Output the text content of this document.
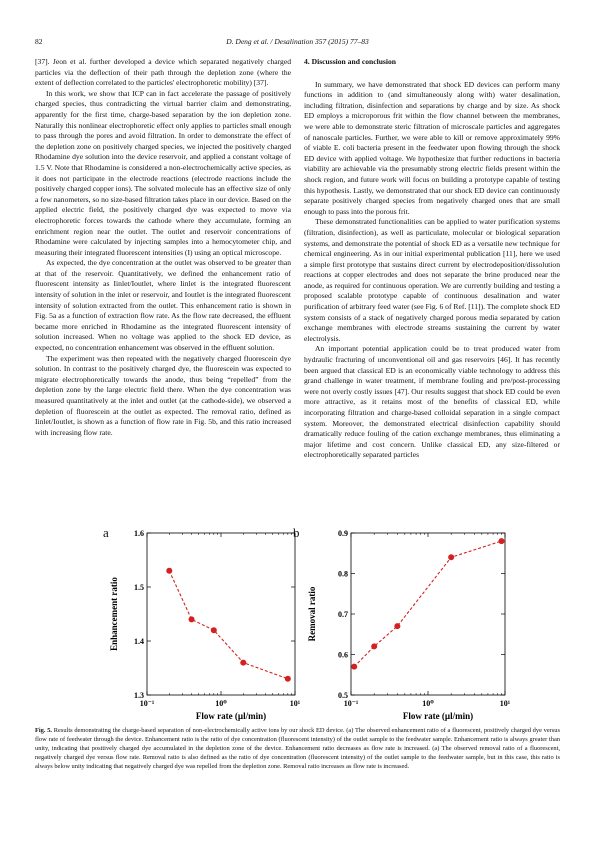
82	D. Deng et al. / Desalination 357 (2015) 77–83

[37]. Jeon et al. further developed a device which separated negatively charged particles via the deflection of their path through the depletion zone (where the extent of deflection correlated to the particles' electrophoretic mobility) [37].

In this work, we show that ICP can in fact accelerate the passage of positively charged species, thus contradicting the virtual barrier claim and demonstrating, apparently for the first time, charge-based separation by the ion depletion zone. Naturally this nonlinear electrophoretic effect only applies to particles small enough to pass through the pores and avoid filtration. In order to demonstrate the effect of the depletion zone on positively charged species, we injected the positively charged Rhodamine dye solution into the device reservoir, and applied a constant voltage of 1.5 V. Note that Rhodamine is considered a non-electrochemically active species, as it does not participate in the electrode reactions (electrode reactions include the positively charged copper ions). The solvated molecule has an effective size of only a few nanometers, so no size-based filtration takes place in our device. Based on the applied electric field, the positively charged dye was expected to move via electrophoretic forces towards the cathode where they accumulate, forming an enrichment region near the outlet. The outlet and reservoir concentrations of Rhodamine were calculated by injecting samples into a hemocytometer chip, and measuring their integrated fluorescent intensities (I) using an optical microscope.

As expected, the dye concentration at the outlet was observed to be greater than at that of the reservoir. Quantitatively, we defined the enhancement ratio of fluorescent intensity as Iinlet/Ioutlet, where Iinlet is the integrated fluorescent intensity of solution in the inlet or reservoir, and Ioutlet is the integrated fluorescent intensity of solution extracted from the outlet. This enhancement ratio is shown in Fig. 5a as a function of extraction flow rate. As the flow rate decreased, the effluent became more enriched in Rhodamine as the integrated fluorescent intensity of solution increased. When no voltage was applied to the shock ED device, as expected, no concentration enhancement was observed in the effluent solution.

The experiment was then repeated with the negatively charged fluorescein dye solution. In contrast to the positively charged dye, the fluorescein was expected to migrate electrophoretically towards the anode, thus being “repelled” from the depletion zone by the large electric field there. When the dye concentration was measured quantitatively at the inlet and outlet (at the cathode-side), we observed a depletion of fluorescein at the outlet as expected. The removal ratio, defined as Iinlet/Ioutlet, is shown as a function of flow rate in Fig. 5b, and this ratio increased with increasing flow rate.

4. Discussion and conclusion

In summary, we have demonstrated that shock ED devices can perform many functions in addition to (and simultaneously along with) water desalination, including filtration, disinfection and separations by charge and by size. As shock ED employs a microporous frit within the flow channel between the membranes, we were able to demonstrate steric filtration of microscale particles and aggregates of nanoscale particles. Further, we were able to kill or remove approximately 99% of viable E. coli bacteria present in the feedwater upon flowing through the shock ED device with applied voltage. We hypothesize that further reductions in bacteria viability are achievable via the presumably strong electric fields present within the shock region, and future work will focus on building a prototype capable of testing this hypothesis. Lastly, we demonstrated that our shock ED device can continuously separate positively charged species from negatively charged ones that are small enough to pass into the porous frit.

These demonstrated functionalities can be applied to water purification systems (filtration, disinfection), as well as particulate, molecular or biological separation systems, and demonstrate the potential of shock ED as a versatile new technique for chemical engineering. As in our initial experimental publication [11], here we used a simple first prototype that sustains direct current by electrodeposition/dissolution reactions at copper electrodes and does not separate the brine produced near the anode, as required for continuous operation. We are currently building and testing a proposed scalable prototype capable of continuous desalination and water purification of arbitrary feed water (see Fig. 6 of Ref. [11]). The complete shock ED system consists of a stack of negatively charged porous media separated by cation exchange membranes with electrode streams sustaining the current by water electrolysis.

An important potential application could be to treat produced water from hydraulic fracturing of unconventional oil and gas reservoirs [46]. It has recently been argued that classical ED is an economically viable technology to address this grand challenge in water treatment, if membrane fouling and pre/post-processing were not overly costly issues [47]. Our results suggest that shock ED could be even more attractive, as it retains most of the benefits of classical ED, while incorporating filtration and charge-based colloidal separation in a single compact system. Moreover, the demonstrated electrical disinfection capability should dramatically reduce fouling of the cation exchange membranes, thus eliminating a major lifetime and cost concern. Unlike classical ED, any size-filtered or electrophoretically separated particles

a	b
1.3
1.4
1.5
1.6
10⁻¹	10⁰	10¹
Flow rate (µl/min)
Enhancement ratio
0.5
0.6
0.7
0.8
0.9
10⁻¹	10⁰	10¹
Flow rate (µl/min)
Removal ratio
Fig. 5. Results demonstrating the charge-based separation of non-electrochemically active ions by our shock ED device. (a) The observed enhancement ratio of a fluorescent, positively charged dye versus flow rate of feedwater through the device. Enhancement ratio is the ratio of dye concentration (fluorescent intensity) of the outlet sample to the feedwater sample. Enhancement ratio is always greater than unity, indicating that positively charged dye accumulated in the depletion zone of the device. Enhancement ratio decreases as flow rate is increased. (a) The observed removal ratio of a fluorescent, negatively charged dye versus flow rate. Removal ratio is also defined as the ratio of dye concentration (fluorescent intensity) of the outlet sample to the feedwater sample, but in this case, this ratio is always below unity indicating that negatively charged dye was repelled from the depletion zone. Removal ratio increases as flow rate is increased.
